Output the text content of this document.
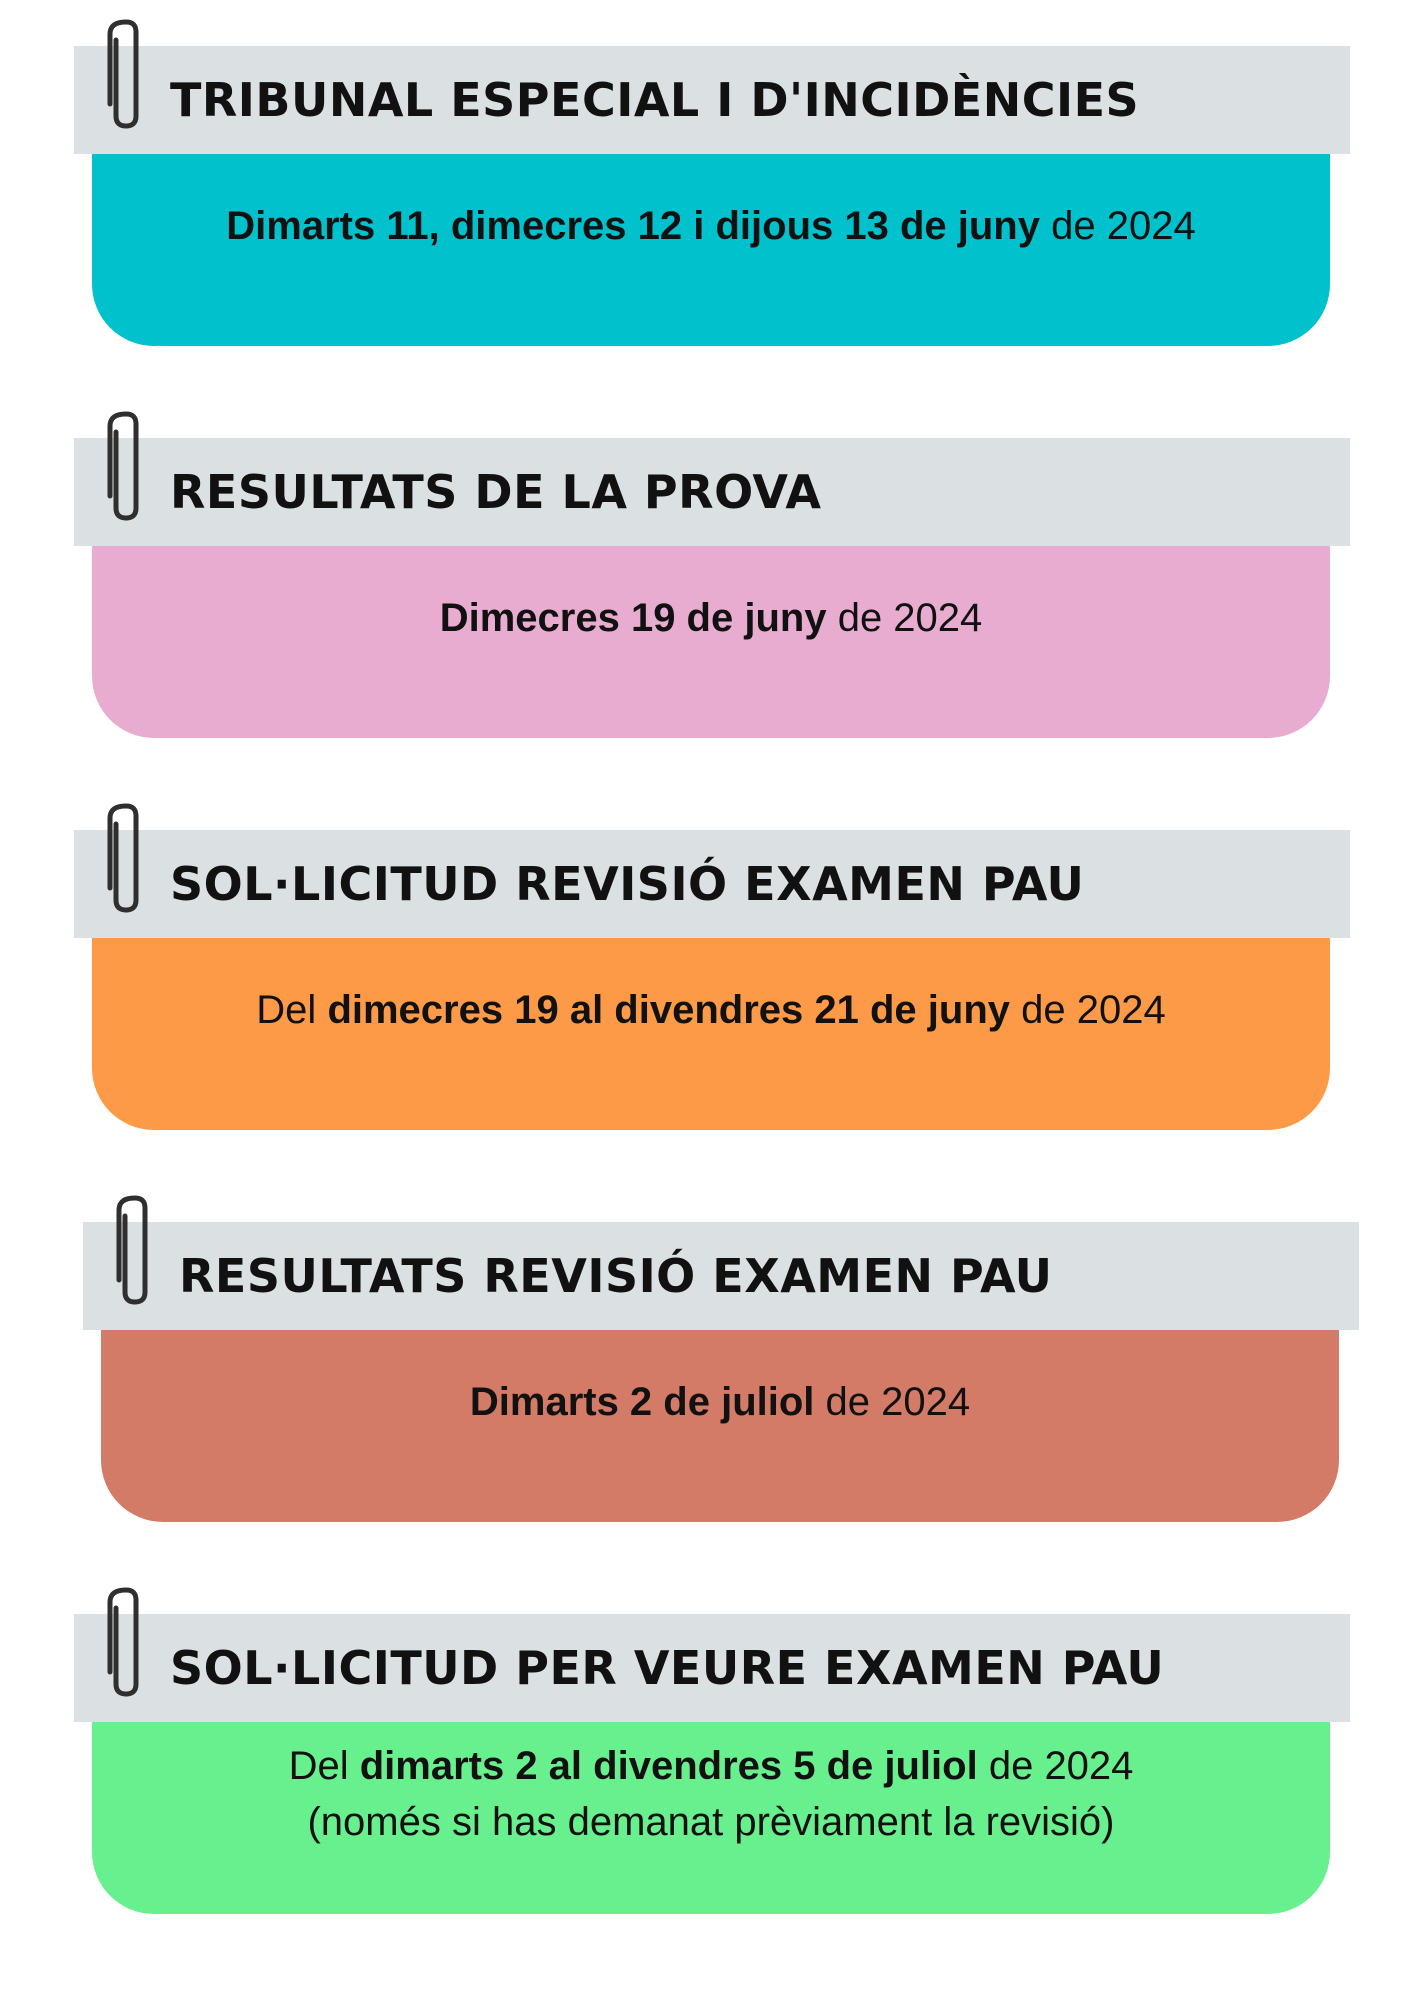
Dimarts 11, dimecres 12 i dijous 13 de juny de 2024
TRIBUNAL ESPECIAL I D'INCIDÈNCIES
Dimecres 19 de juny de 2024
RESULTATS DE LA PROVA
Del dimecres 19 al divendres 21 de juny de 2024
SOL·LICITUD REVISIÓ EXAMEN PAU
Dimarts 2 de juliol de 2024
RESULTATS REVISIÓ EXAMEN PAU
Del dimarts 2 al divendres 5 de juliol de 2024
(només si has demanat prèviament la revisió)
SOL·LICITUD PER VEURE EXAMEN PAU
